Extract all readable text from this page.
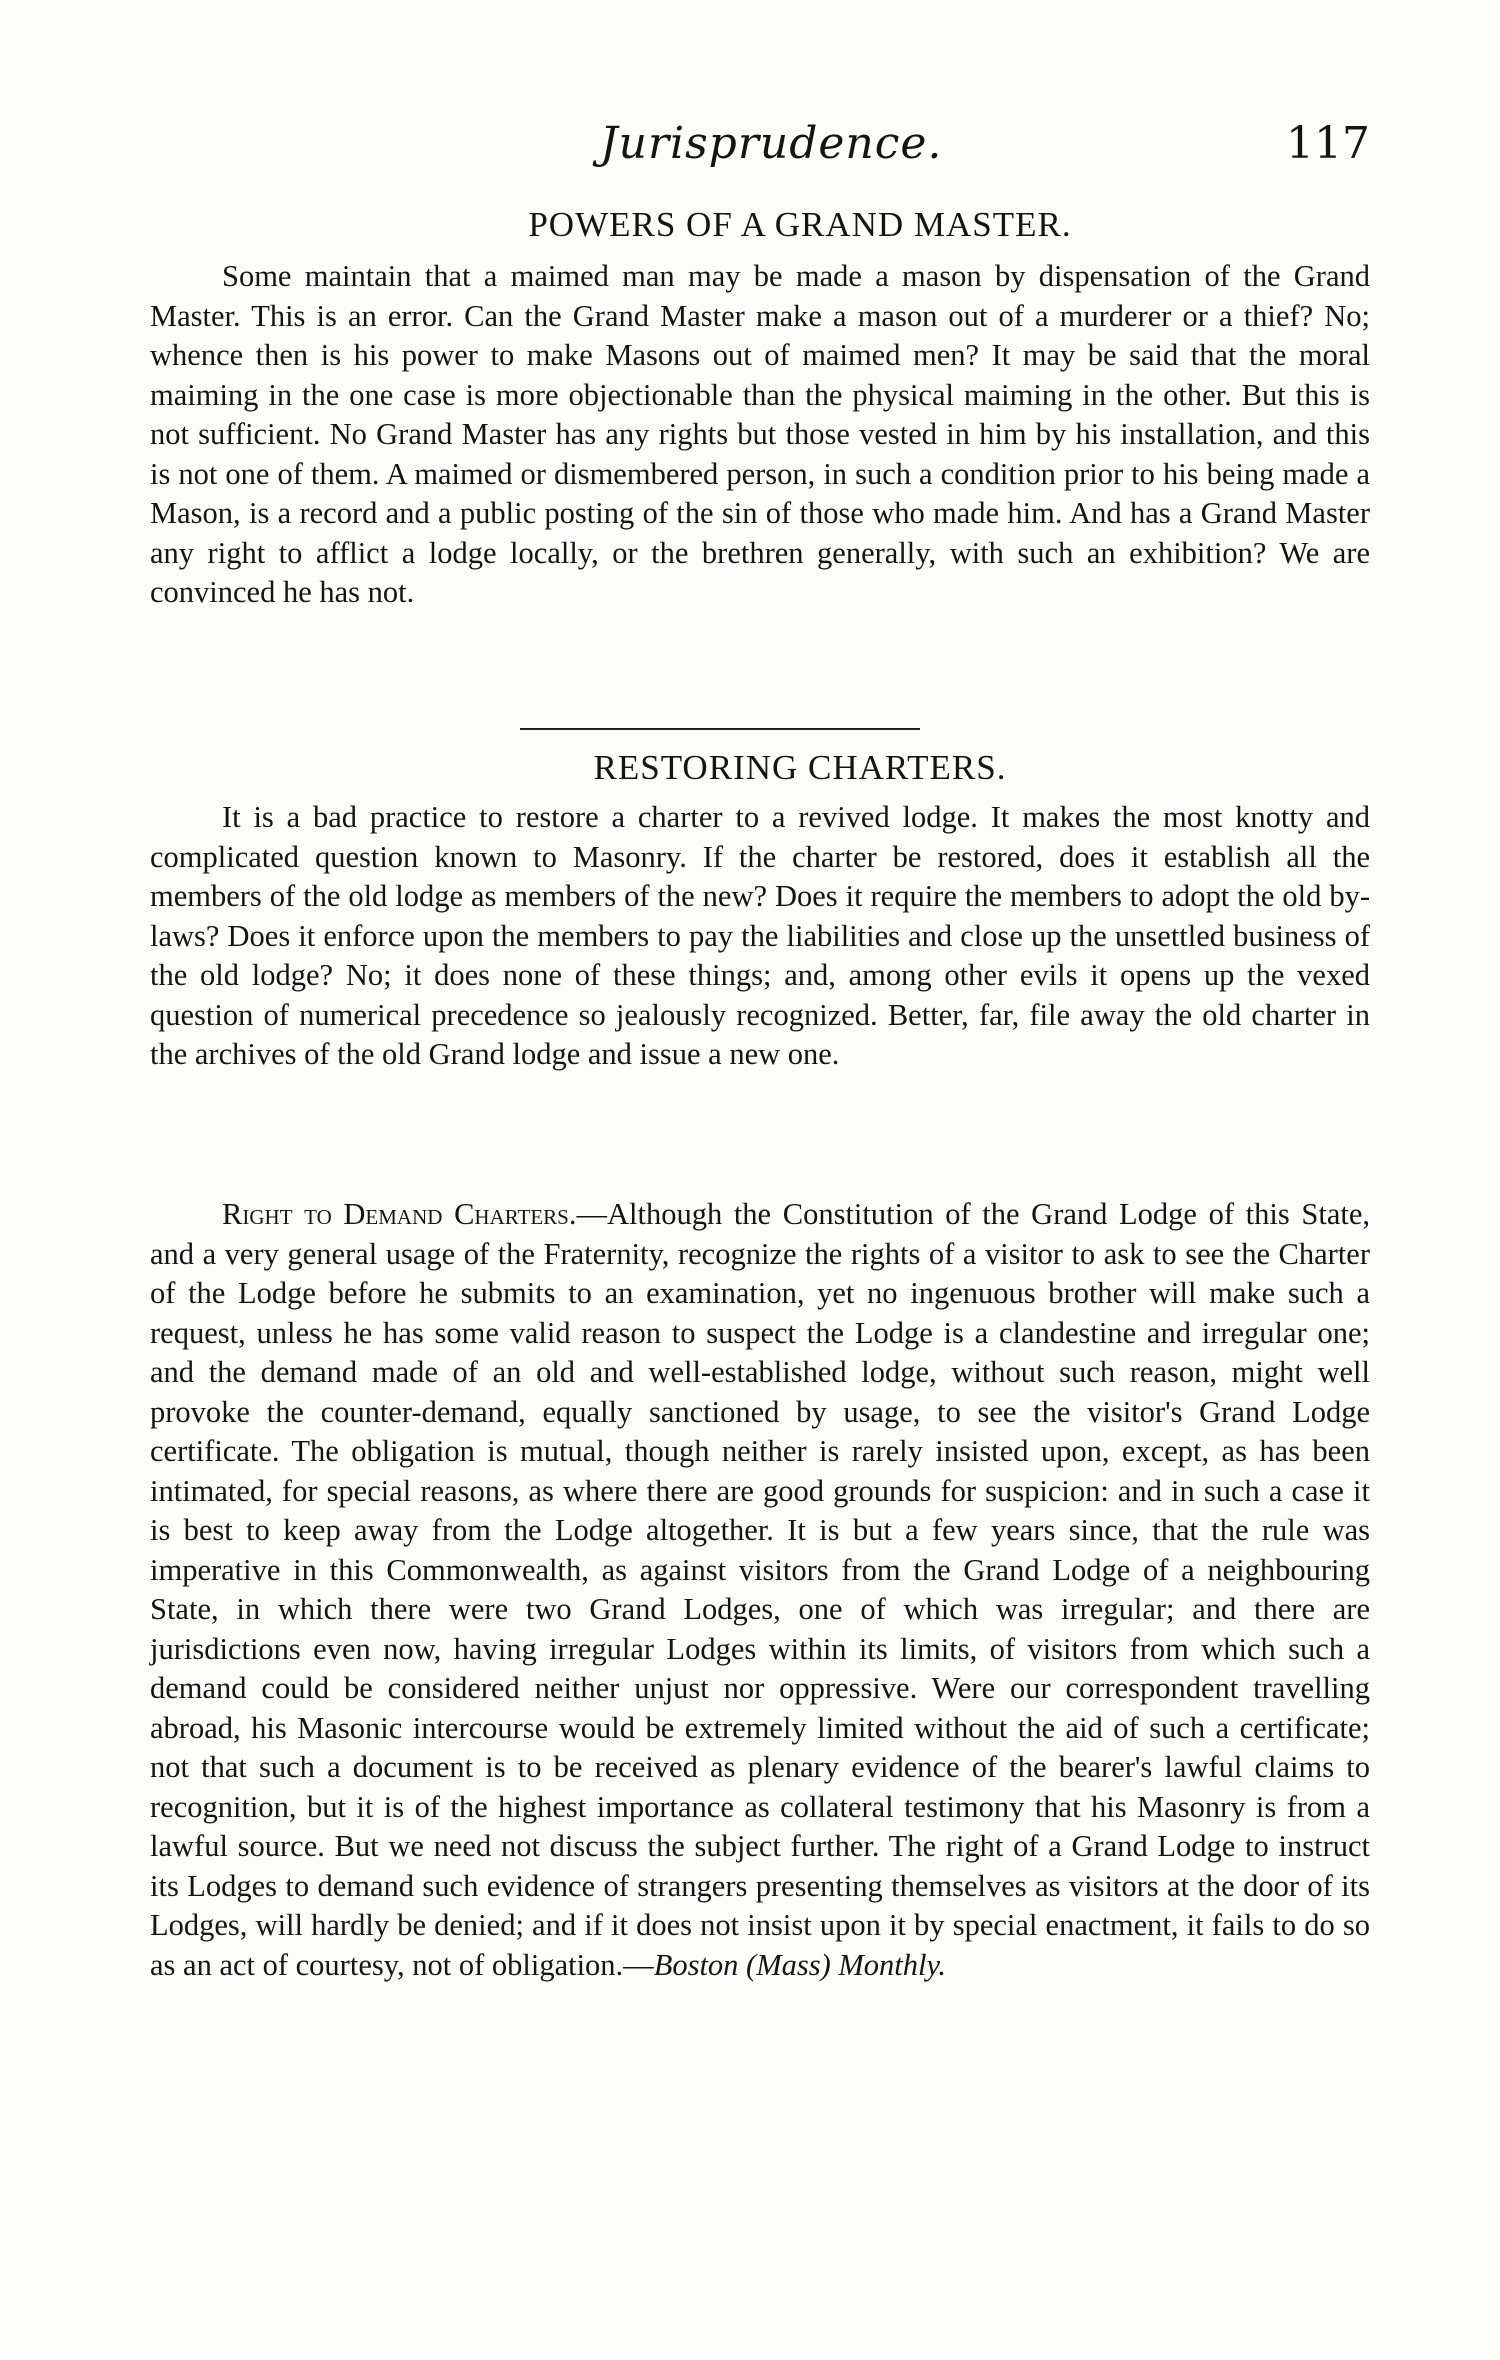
Jurisprudence.	117
POWERS OF A GRAND MASTER.

Some maintain that a maimed man may be made a mason by dispensation of the Grand Master. This is an error. Can the Grand Master make a mason out of a murderer or a thief? No; whence then is his power to make Masons out of maimed men? It may be said that the moral maiming in the one case is more objectionable than the physical maiming in the other. But this is not sufficient. No Grand Master has any rights but those vested in him by his installation, and this is not one of them. A maimed or dismembered person, in such a condition prior to his being made a Mason, is a record and a public posting of the sin of those who made him. And has a Grand Master any right to afflict a lodge locally, or the brethren generally, with such an exhibition? We are convinced he has not.

RESTORING CHARTERS.

It is a bad practice to restore a charter to a revived lodge. It makes the most knotty and complicated question known to Masonry. If the charter be restored, does it establish all the members of the old lodge as members of the new? Does it require the members to adopt the old by-laws? Does it enforce upon the members to pay the liabilities and close up the unsettled business of the old lodge? No; it does none of these things; and, among other evils it opens up the vexed question of numerical precedence so jealously recognized. Better, far, file away the old charter in the archives of the old Grand lodge and issue a new one.

Right to Demand Charters.—Although the Constitution of the Grand Lodge of this State, and a very general usage of the Fraternity, recognize the rights of a visitor to ask to see the Charter of the Lodge before he submits to an examination, yet no ingenuous brother will make such a request, unless he has some valid reason to suspect the Lodge is a clandestine and irregular one; and the demand made of an old and well-established lodge, without such reason, might well provoke the counter-demand, equally sanctioned by usage, to see the visitor's Grand Lodge certificate. The obligation is mutual, though neither is rarely insisted upon, except, as has been intimated, for special reasons, as where there are good grounds for suspicion: and in such a case it is best to keep away from the Lodge altogether. It is but a few years since, that the rule was imperative in this Commonwealth, as against visitors from the Grand Lodge of a neighbouring State, in which there were two Grand Lodges, one of which was irregular; and there are jurisdictions even now, having irregular Lodges within its limits, of visitors from which such a demand could be considered neither unjust nor oppressive. Were our correspondent travelling abroad, his Masonic intercourse would be extremely limited without the aid of such a certificate; not that such a document is to be received as plenary evidence of the bearer's lawful claims to recognition, but it is of the highest importance as collateral testimony that his Masonry is from a lawful source. But we need not discuss the subject further. The right of a Grand Lodge to instruct its Lodges to demand such evidence of strangers presenting themselves as visitors at the door of its Lodges, will hardly be denied; and if it does not insist upon it by special enactment, it fails to do so as an act of courtesy, not of obligation.—Boston (Mass) Monthly.
